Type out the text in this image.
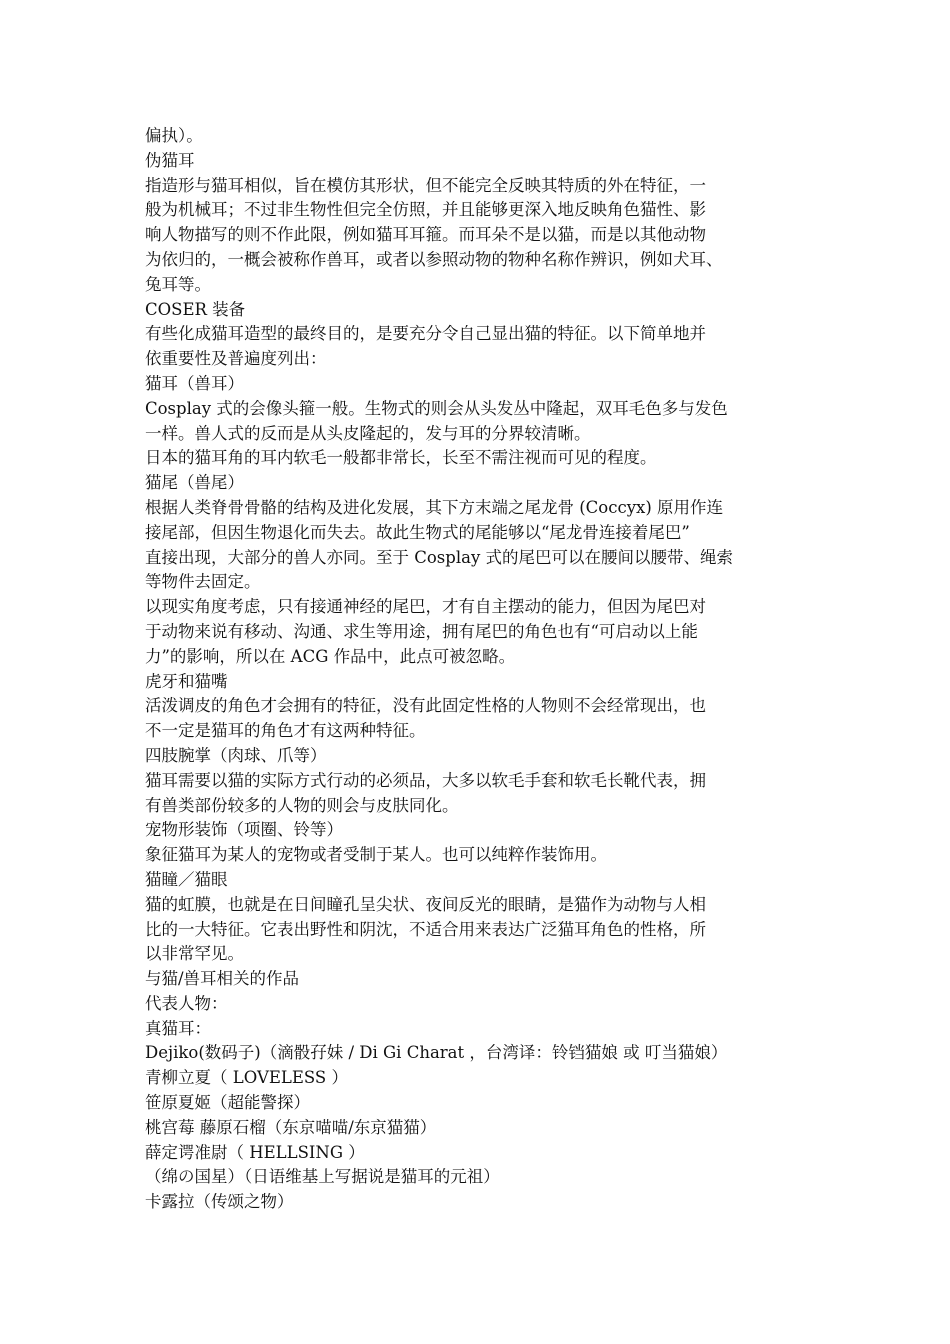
偏执）。
伪猫耳
指造形与猫耳相似，旨在模仿其形状，但不能完全反映其特质的外在特征，一
般为机械耳；不过非生物性但完全仿照，并且能够更深入地反映角色猫性、影
响人物描写的则不作此限，例如猫耳耳箍。而耳朵不是以猫，而是以其他动物
为依归的，一概会被称作兽耳，或者以参照动物的物种名称作辨识，例如犬耳、
兔耳等。
COSER 装备
有些化成猫耳造型的最终目的，是要充分令自己显出猫的特征。以下简单地并
依重要性及普遍度列出：
猫耳（兽耳）
Cosplay 式的会像头箍一般。生物式的则会从头发丛中隆起，双耳毛色多与发色
一样。兽人式的反而是从头皮隆起的，发与耳的分界较清晰。
日本的猫耳角的耳内软毛一般都非常长，长至不需注视而可见的程度。
猫尾（兽尾）
根据人类脊骨骨骼的结构及进化发展，其下方末端之尾龙骨 (Coccyx) 原用作连
接尾部，但因生物退化而失去。故此生物式的尾能够以“尾龙骨连接着尾巴”
直接出现，大部分的兽人亦同。至于 Cosplay 式的尾巴可以在腰间以腰带、绳索
等物件去固定。
以现实角度考虑，只有接通神经的尾巴，才有自主摆动的能力，但因为尾巴对
于动物来说有移动、沟通、求生等用途，拥有尾巴的角色也有“可启动以上能
力”的影响，所以在 ACG 作品中，此点可被忽略。
虎牙和猫嘴
活泼调皮的角色才会拥有的特征，没有此固定性格的人物则不会经常现出，也
不一定是猫耳的角色才有这两种特征。
四肢腕掌（肉球、爪等）
猫耳需要以猫的实际方式行动的必须品，大多以软毛手套和软毛长靴代表，拥
有兽类部份较多的人物的则会与皮肤同化。
宠物形装饰（项圈、铃等）
象征猫耳为某人的宠物或者受制于某人。也可以纯粹作装饰用。
猫瞳／猫眼
猫的虹膜，也就是在日间瞳孔呈尖状、夜间反光的眼睛，是猫作为动物与人相
比的一大特征。它表出野性和阴沈，不适合用来表达广泛猫耳角色的性格，所
以非常罕见。
与猫/兽耳相关的作品
代表人物：
真猫耳：
Dejiko(数码子)（滴骰孖妹 / Di Gi Charat ，台湾译：铃铛猫娘 或 叮当猫娘）
青柳立夏（ LOVELESS ）
笹原夏姬（超能警探）
桃宫莓 藤原石榴（东京喵喵/东京猫猫）
薛定谔准尉（ HELLSING ）
（绵の国星）（日语维基上写据说是猫耳的元祖）
卡露拉（传颂之物）
